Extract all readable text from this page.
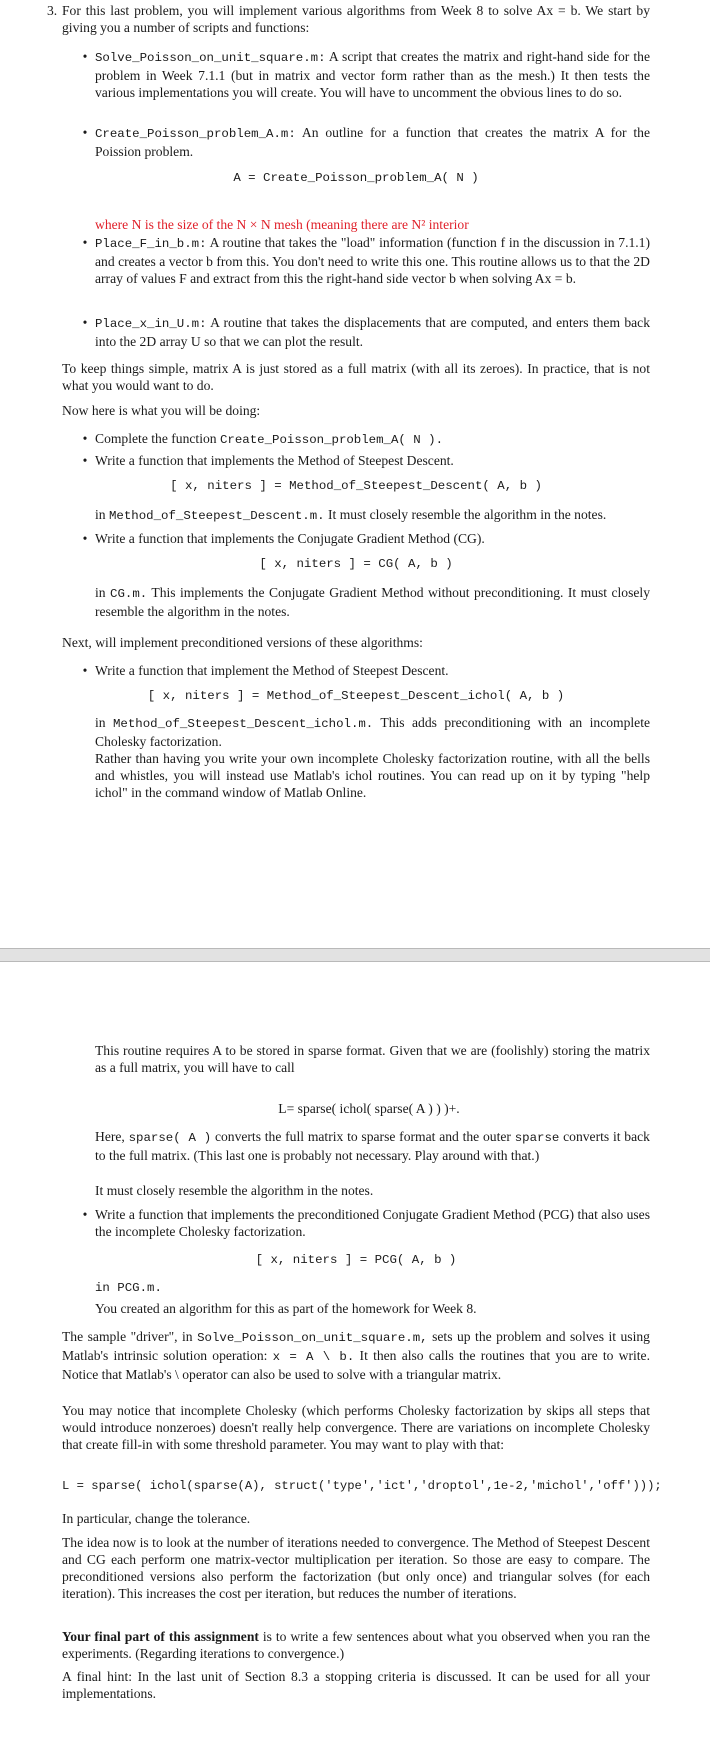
3. For this last problem, you will implement various algorithms from Week 8 to solve Ax = b. We start by giving you a number of scripts and functions:

• Solve_Poisson_on_unit_square.m: A script that creates the matrix and right-hand side for the problem in Week 7.1.1 (but in matrix and vector form rather than as the mesh.) It then tests the various implementations you will create. You will have to uncomment the obvious lines to do so.

• Create_Poisson_problem_A.m: An outline for a function that creates the matrix A for the Poission problem.

A = Create_Poisson_problem_A( N )

where N is the size of the N × N mesh (meaning there are N² interior

• Place_F_in_b.m: A routine that takes the "load" information (function f in the discussion in 7.1.1) and creates a vector b from this. You don't need to write this one. This routine allows us to that the 2D array of values F and extract from this the right-hand side vector b when solving Ax = b.

• Place_x_in_U.m: A routine that takes the displacements that are computed, and enters them back into the 2D array U so that we can plot the result.

To keep things simple, matrix A is just stored as a full matrix (with all its zeroes). In practice, that is not what you would want to do.

Now here is what you will be doing:

• Complete the function Create_Poisson_problem_A( N ).

• Write a function that implements the Method of Steepest Descent.

[ x, niters ] = Method_of_Steepest_Descent( A, b )

in Method_of_Steepest_Descent.m. It must closely resemble the algorithm in the notes.

• Write a function that implements the Conjugate Gradient Method (CG).

[ x, niters ] = CG( A, b )

in CG.m. This implements the Conjugate Gradient Method without preconditioning. It must closely resemble the algorithm in the notes.

Next, will implement preconditioned versions of these algorithms:

• Write a function that implement the Method of Steepest Descent.

[ x, niters ] = Method_of_Steepest_Descent_ichol( A, b )

in Method_of_Steepest_Descent_ichol.m. This adds preconditioning with an incomplete Cholesky factorization.

Rather than having you write your own incomplete Cholesky factorization routine, with all the bells and whistles, you will instead use Matlab's ichol routines. You can read up on it by typing "help ichol" in the command window of Matlab Online.

This routine requires A to be stored in sparse format. Given that we are (foolishly) storing the matrix as a full matrix, you will have to call

L= sparse( ichol( sparse( A ) ) )+.

Here, sparse( A ) converts the full matrix to sparse format and the outer sparse converts it back to the full matrix. (This last one is probably not necessary. Play around with that.)

It must closely resemble the algorithm in the notes.

• Write a function that implements the preconditioned Conjugate Gradient Method (PCG) that also uses the incomplete Cholesky factorization.

[ x, niters ] = PCG( A, b )

in PCG.m.

You created an algorithm for this as part of the homework for Week 8.

The sample "driver", in Solve_Poisson_on_unit_square.m, sets up the problem and solves it using Matlab's intrinsic solution operation: x = A \ b. It then also calls the routines that you are to write. Notice that Matlab's \ operator can also be used to solve with a triangular matrix.

You may notice that incomplete Cholesky (which performs Cholesky factorization by skips all steps that would introduce nonzeroes) doesn't really help convergence. There are variations on incomplete Cholesky that create fill-in with some threshold parameter. You may want to play with that:

L = sparse( ichol(sparse(A), struct('type','ict','droptol',1e-2,'michol','off')));

In particular, change the tolerance.

The idea now is to look at the number of iterations needed to convergence. The Method of Steepest Descent and CG each perform one matrix-vector multiplication per iteration. So those are easy to compare. The preconditioned versions also perform the factorization (but only once) and triangular solves (for each iteration). This increases the cost per iteration, but reduces the number of iterations.

Your final part of this assignment is to write a few sentences about what you observed when you ran the experiments. (Regarding iterations to convergence.)

A final hint: In the last unit of Section 8.3 a stopping criteria is discussed. It can be used for all your implementations.
